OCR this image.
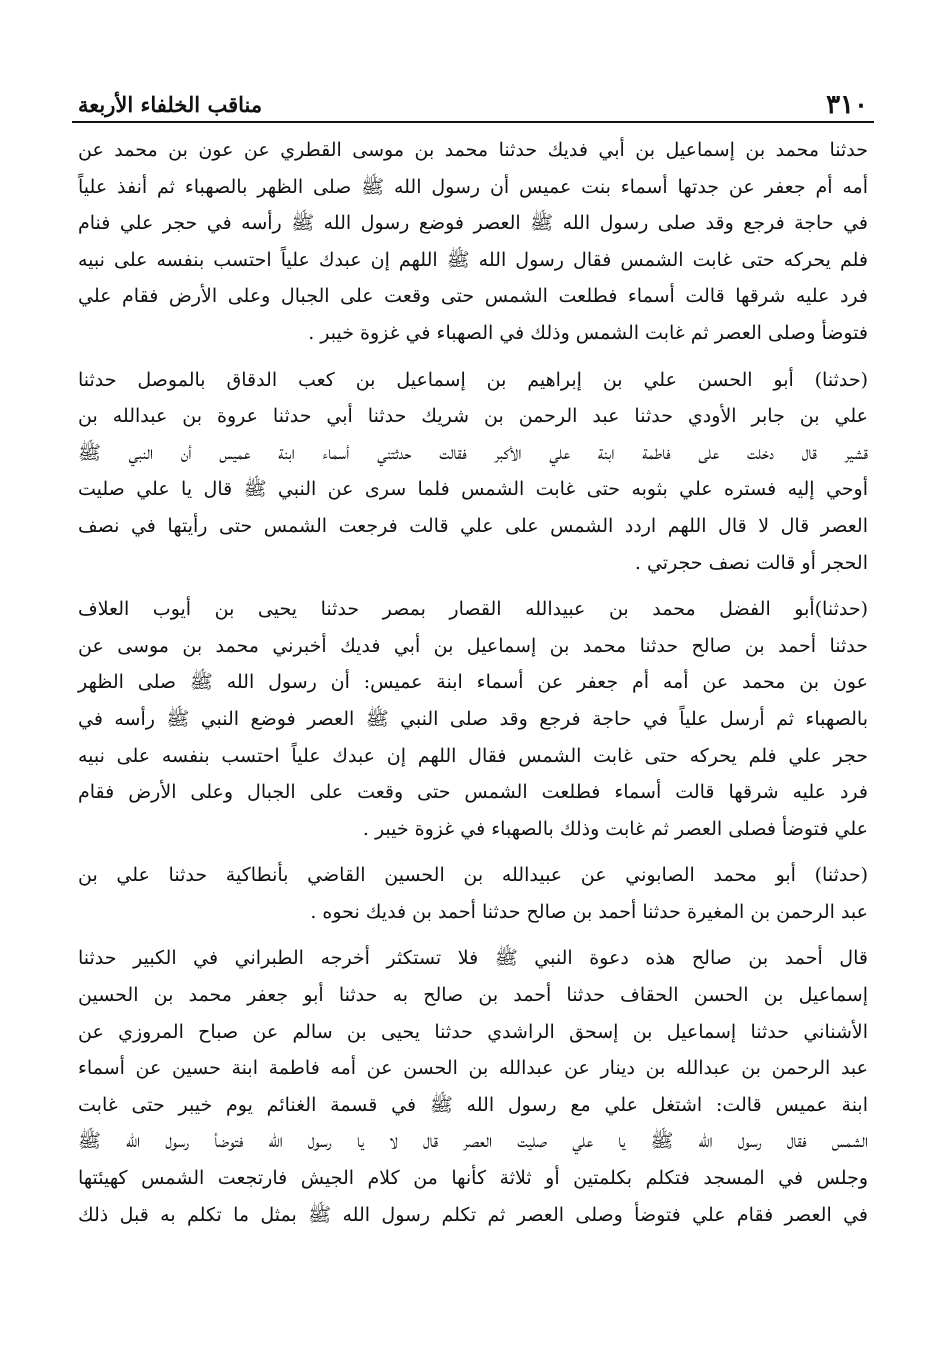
٣١٠
مناقب الخلفاء الأربعة

حدثنا محمد بن إسماعيل بن أبي فديك حدثنا محمد بن موسى القطري عن عون بن محمد عن
أمه أم جعفر عن جدتها أسماء بنت عميس أن رسول الله ﷺ صلى الظهر بالصهباء ثم أنفذ علياً
في حاجة فرجع وقد صلى رسول الله ﷺ العصر فوضع رسول الله ﷺ رأسه في حجر علي فنام
فلم يحركه حتى غابت الشمس فقال رسول الله ﷺ اللهم إن عبدك علياً احتسب بنفسه على نبيه
فرد عليه شرقها قالت أسماء فطلعت الشمس حتى وقعت على الجبال وعلى الأرض فقام علي
فتوضأ وصلى العصر ثم غابت الشمس وذلك في الصهباء في غزوة خيبر .

(حدثنا) أبو الحسن علي بن إبراهيم بن إسماعيل بن كعب الدقاق بالموصل حدثنا
علي بن جابر الأودي حدثنا عبد الرحمن بن شريك حدثنا أبي حدثنا عروة بن عبدالله بن
قشير قال دخلت على فاطمة ابنة علي الأكبر فقالت حدثتني أسماء ابنة عميس أن النبي ﷺ
أوحي إليه فستره علي بثوبه حتى غابت الشمس فلما سرى عن النبي ﷺ قال يا علي صليت
العصر قال لا قال اللهم اردد الشمس على علي قالت فرجعت الشمس حتى رأيتها في نصف
الحجر أو قالت نصف حجرتي .

(حدثنا)أبو الفضل محمد بن عبيدالله القصار بمصر حدثنا يحيى بن أيوب العلاف
حدثنا أحمد بن صالح حدثنا محمد بن إسماعيل بن أبي فديك أخبرني محمد بن موسى عن
عون بن محمد عن أمه أم جعفر عن أسماء ابنة عميس: أن رسول الله ﷺ صلى الظهر
بالصهباء ثم أرسل علياً في حاجة فرجع وقد صلى النبي ﷺ العصر فوضع النبي ﷺ رأسه في
حجر علي فلم يحركه حتى غابت الشمس فقال اللهم إن عبدك علياً احتسب بنفسه على نبيه
فرد عليه شرقها قالت أسماء فطلعت الشمس حتى وقعت على الجبال وعلى الأرض فقام
علي فتوضأ فصلى العصر ثم غابت وذلك بالصهباء في غزوة خيبر .

(حدثنا) أبو محمد الصابوني عن عبيدالله بن الحسين القاضي بأنطاكية حدثنا علي بن
عبد الرحمن بن المغيرة حدثنا أحمد بن صالح حدثنا أحمد بن فديك نحوه .

قال أحمد بن صالح هذه دعوة النبي ﷺ فلا تستكثر أخرجه الطبراني في الكبير حدثنا
إسماعيل بن الحسن الحقاف حدثنا أحمد بن صالح به حدثنا أبو جعفر محمد بن الحسين
الأشناني حدثنا إسماعيل بن إسحق الراشدي حدثنا يحيى بن سالم عن صباح المروزي عن
عبد الرحمن بن عبدالله بن دينار عن عبدالله بن الحسن عن أمه فاطمة ابنة حسين عن أسماء
ابنة عميس قالت: اشتغل علي مع رسول الله ﷺ في قسمة الغنائم يوم خيبر حتى غابت
الشمس فقال رسول الله ﷺ يا علي صليت العصر قال لا يا رسول الله فتوضأ رسول الله ﷺ
وجلس في المسجد فتكلم بكلمتين أو ثلاثة كأنها من كلام الجيش فارتجعت الشمس كهيئتها
في العصر فقام علي فتوضأ وصلى العصر ثم تكلم رسول الله ﷺ بمثل ما تكلم به قبل ذلك
